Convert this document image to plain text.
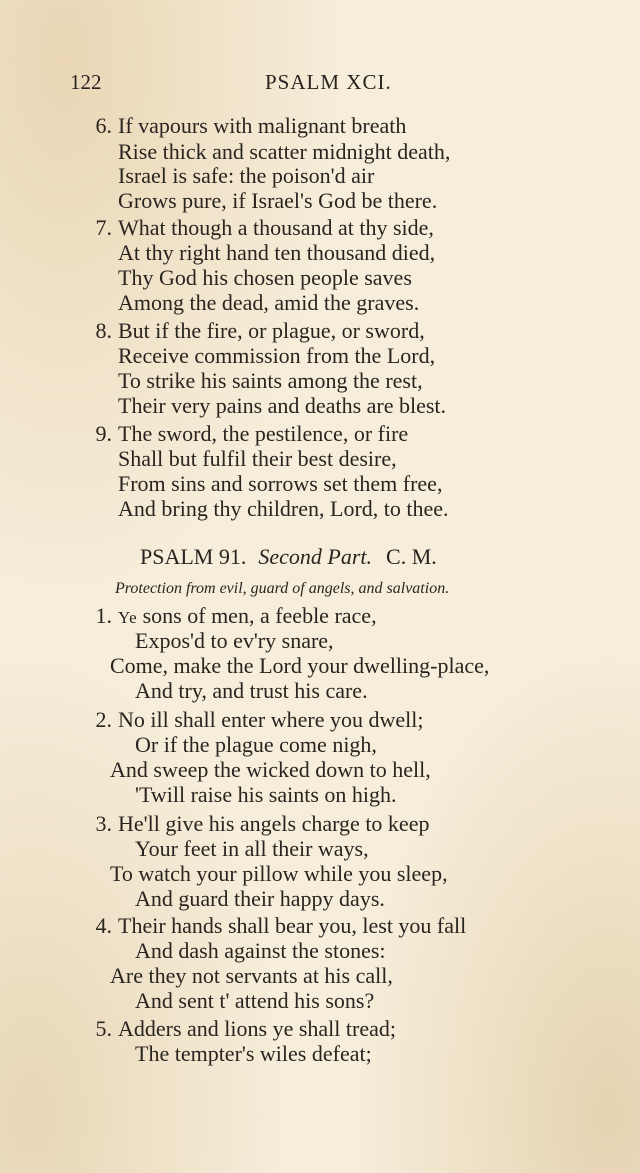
122	PSALM XCI.
6. If vapours with malignant breath
Rise thick and scatter midnight death,
Israel is safe: the poison'd air
Grows pure, if Israel's God be there.
7. What though a thousand at thy side,
At thy right hand ten thousand died,
Thy God his chosen people saves
Among the dead, amid the graves.
8. But if the fire, or plague, or sword,
Receive commission from the Lord,
To strike his saints among the rest,
Their very pains and deaths are blest.
9. The sword, the pestilence, or fire
Shall but fulfil their best desire,
From sins and sorrows set them free,
And bring thy children, Lord, to thee.
PSALM 91. Second Part. C. M.
Protection from evil, guard of angels, and salvation.
1. Ye sons of men, a feeble race,
Expos'd to ev'ry snare,
Come, make the Lord your dwelling-place,
And try, and trust his care.
2. No ill shall enter where you dwell;
Or if the plague come nigh,
And sweep the wicked down to hell,
'Twill raise his saints on high.
3. He'll give his angels charge to keep
Your feet in all their ways,
To watch your pillow while you sleep,
And guard their happy days.
4. Their hands shall bear you, lest you fall
And dash against the stones:
Are they not servants at his call,
And sent t' attend his sons?
5. Adders and lions ye shall tread;
The tempter's wiles defeat;
